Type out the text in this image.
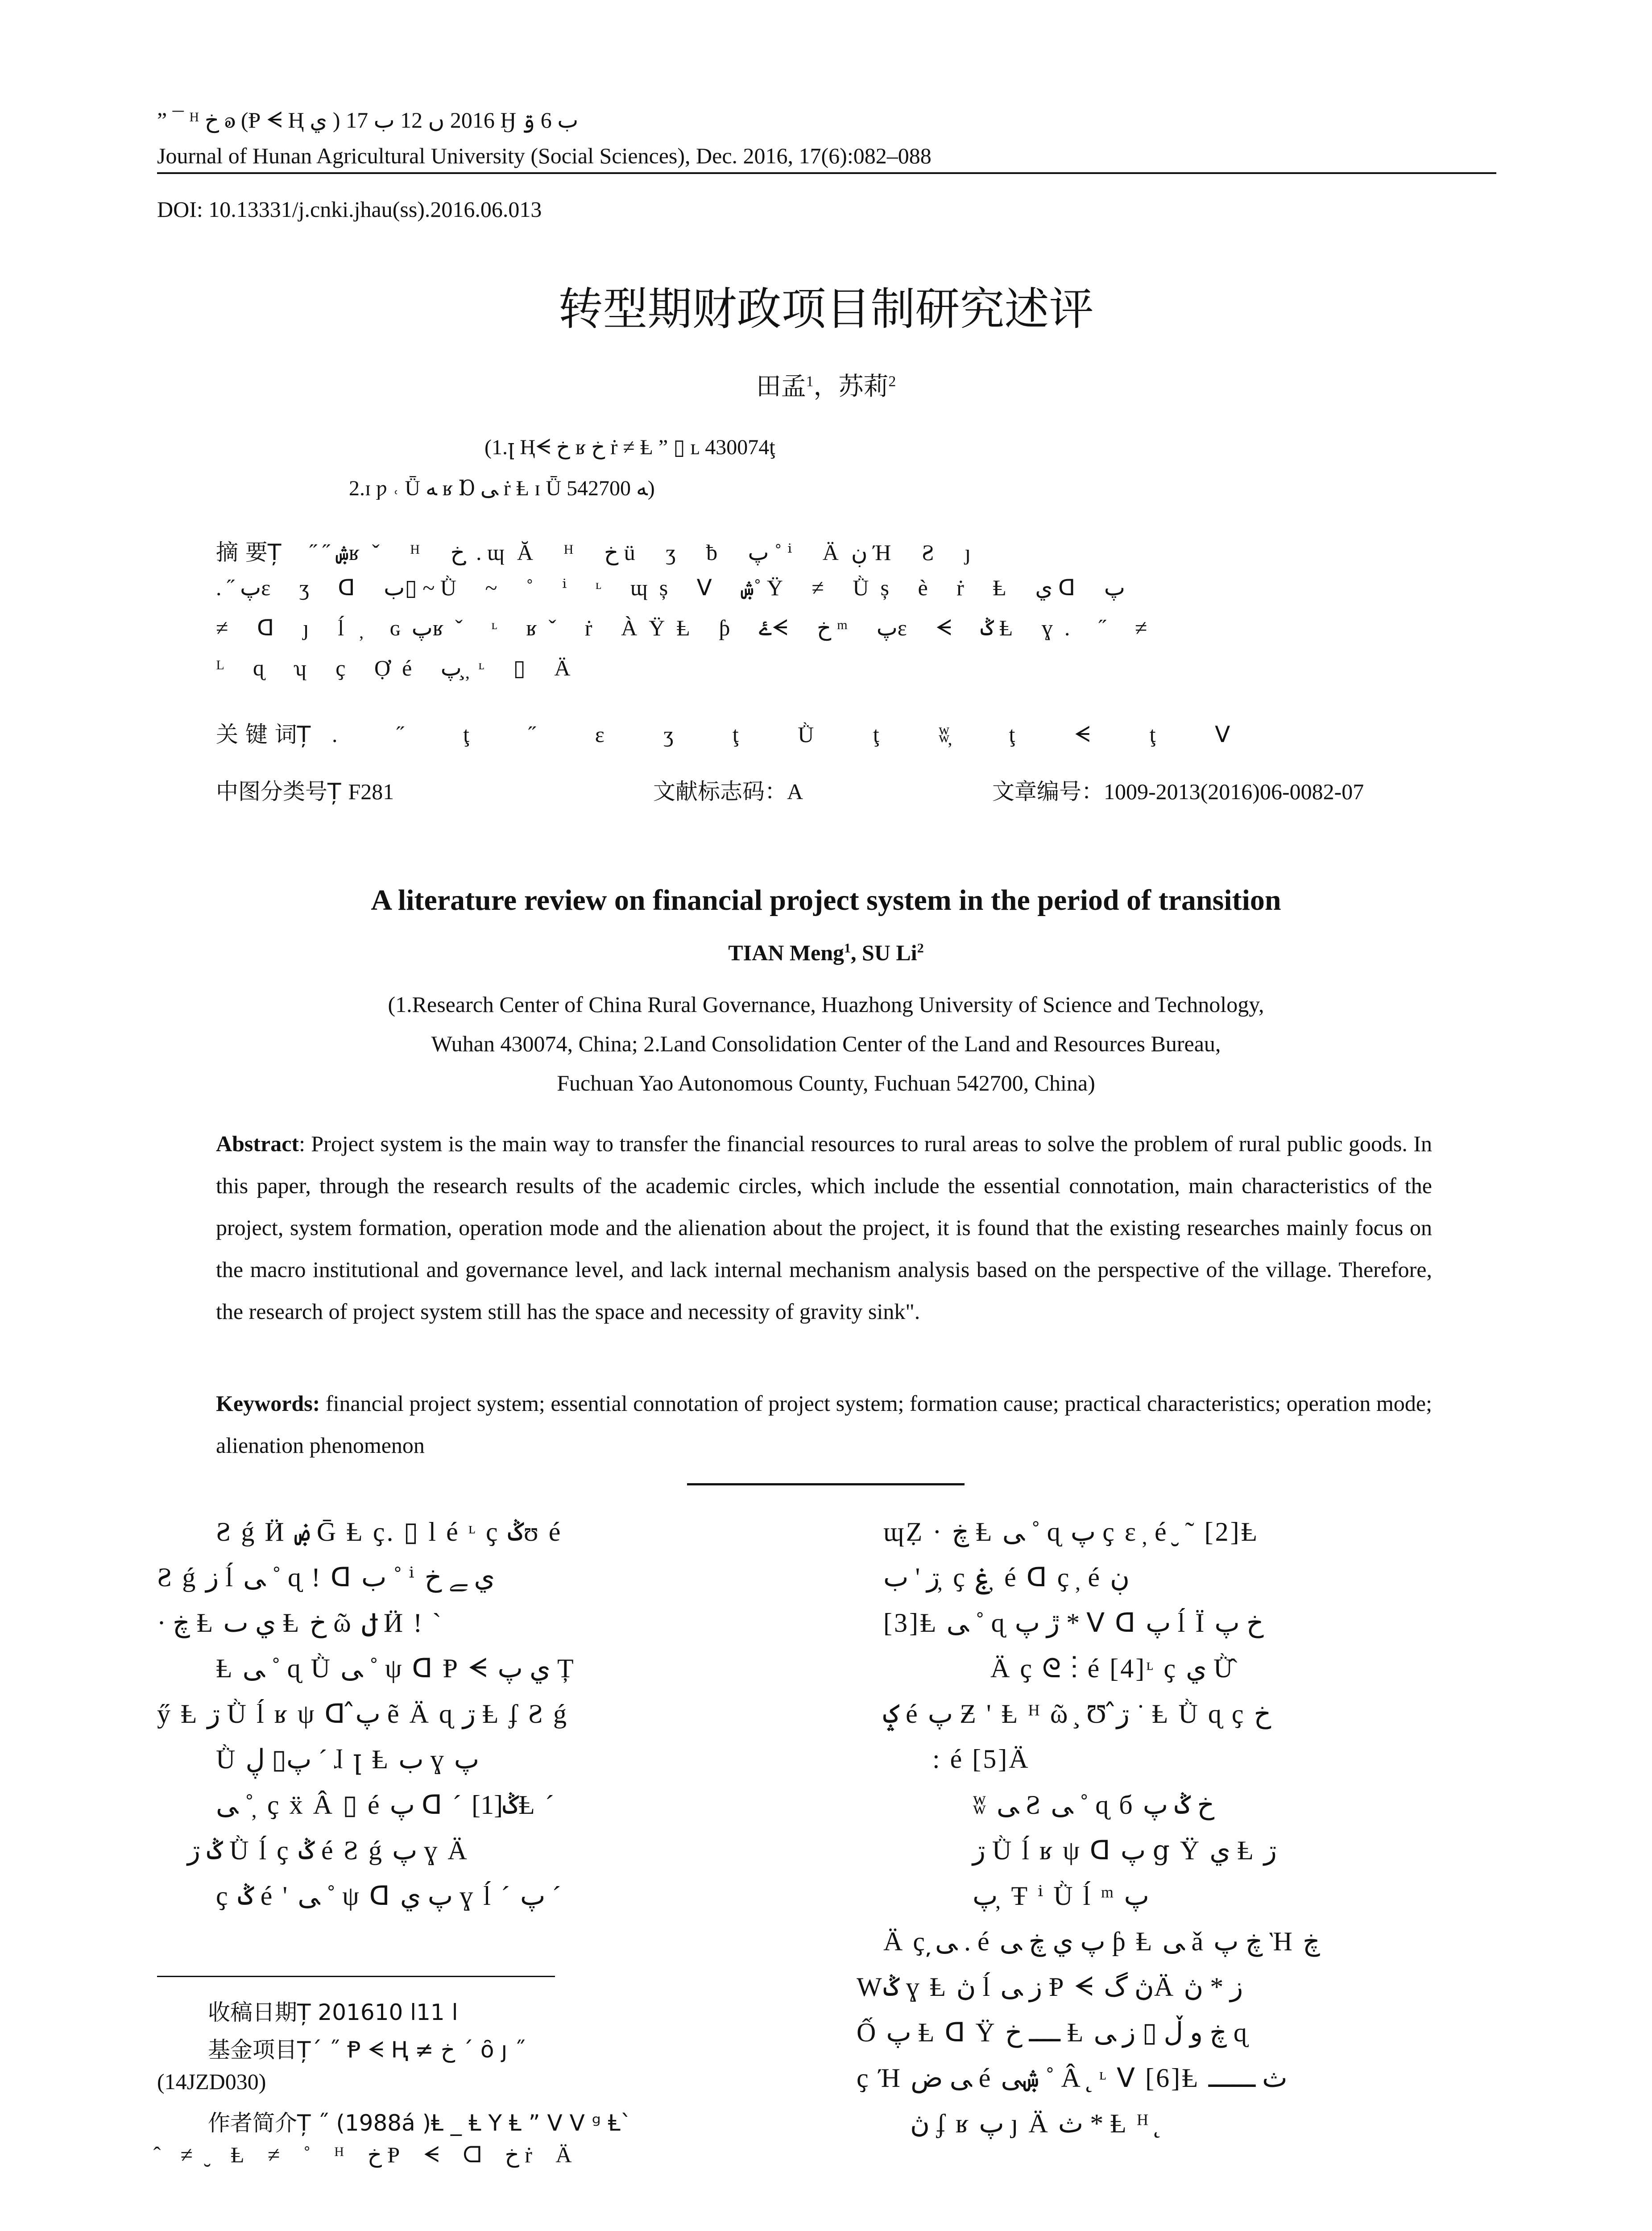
” ¯ ᴴ خ ꭷ (Ᵽ ᗕ Ⱨ ي ) 2016 ں 12 ب 17 Ӈ ب 6 ۊ
Journal of Hunan Agricultural University (Social Sciences), Dec. 2016, 17(6):082–088
DOI: 10.13331/j.cnki.jhau(ss).2016.06.013
转型期财政项目制研究述评
田孟$^1$，苏莉$^2$
(1.ꞁ Ⱨᗕ خ ʁ خ ṙ ≠ Ⱡ ” ▯ ʟ 430074ţ
2.ɪ ƿ ˓ Ǖ ﻪ ʁ Ɒ ﻰ ṙ Ⱡ ɪ Ǖ ﻪ 542700)
摘 要Ț ˝ ˝ ۺʁˇ ᴴ خ ̦ . ɰĂ ᴴ خ ü ʒ ƀ پ ˚ ⁱ Äڹ Ή Ƨ ȷ
. ˝ پɛ ʒ ᗡ ب▯ ~ Ǜ ~ ˚ ⁱ ᶫ ɰș ᐯ ۺ˚ Ÿ ≠ Ǜș è ṙ Ⱡ ي ᗡ پ
≠ ᗡ ȷ ĺ ̦ ɢپʁˇ ᶫ ʁˇ ṙ ÀŸⱠ ƥ ۓᗕ خ ᵐ پɛ ᗕ ݣ Ⱡ ɣ. ˝ ≠
ᴸ ɋ ʮ ҫ Ợé پ ̧ ̦ ᶫ ▯ Ä
关 键 词Ț . ˝ ţ ˝ ɛ ʒ ţ Ǜ ţ ʬ̦ ţ ᗕ ţ ᐯ
中图分类号Ț F281	文献标志码：A	文章编号：1009-2013(2016)06-0082-07
A literature review on financial project system in the period of transition
TIAN Meng$^1$, SU Li$^2$
(1.Research Center of China Rural Governance, Huazhong University of Science and Technology,
Wuhan 430074, China; 2.Land Consolidation Center of the Land and Resources Bureau,
Fuchuan Yao Autonomous County, Fuchuan 542700, China)
Abstract: Project system is the main way to transfer the financial resources to rural areas to solve the problem of rural public goods. In this paper, through the research results of the academic circles, which include the essential connotation, main characteristics of the project, system formation, operation mode and the alienation about the project, it is found that the existing researches mainly focus on the macro institutional and governance level, and lack internal mechanism analysis based on the perspective of the village. Therefore, the research of project system still has the space and necessity of gravity sink".
Keywords: financial project system; essential connotation of project system; formation cause; practical characteristics; operation mode; alienation phenomenon
Ƨ ǵ Ӥ ۻ Ḡ Ⱡ ҫ. ▯ l é ᶫ ҫ ݣʊ é
Ƨ ǵ ز ĺ ﻰ ˚ ɋ ! ᗡ ب ˚ ⁱ ي ﮯ خ
· ڿ Ⱡ ي ٮ Ⱡ خ ῶ ݪ Ӥ ! ˋ
Ⱡ ﻰ ˚ ɋ Ǜ ﻰ ˚ ψ ᗡ Ᵽ ᗕ ي پ Ț
ӳ Ⱡ ڗ Ǜ ĺ ʁ ψ ᗡ پ̂ ẽ Ä ɋ ڗ Ⱡ ʄ Ƨ ǵ
Ǜ پ▯ ڸ ˊ ɺ ꞁ Ⱡ ب ɣ پ
ﻰ ˚ ̦ ҫ ẍ Â ▯ é پ ᗡ ˊ ݣ[1]Ⱡ ˊ
ݣ ڗ Ǜ ĺ ҫ ݣ é Ƨ ǵ پ ɣ Ä
ҫ ݣ é ' ﻰ ˚ ψ ᗡ پ ي ɣ ĺ ˊ پ ˊ
ɰẒ · ڿ Ⱡ ﻰ ˚ ɋ پ ҫ ɛ ̦ é ̮ ˜ [2]Ⱡ
ڗ ' ب ̦ ҫ ۼ ̦ é ᗡ ҫ ̦ é ڹ
[3]Ⱡ ﻰ ˚ ɋ ڙ پ * ᐯ ᗡ پ ĺ Ï خ پ
Ä ҫ ᘓ ⁝ é [4]ᶫ ҫ ي Ǜ̂
ݤ é پ Ƶ ' Ⱡ ᴴ ῶ ̧ Ʊ ڗ̂ ˙ Ⱡ Ǜ ɋ ҫ خ
: é [5]Ä
ʬ ﻰ Ƨ ﻰ ˚ ɋ б خ ݣ پ
ڗ Ǜ ĺ ʁ ψ ᗡ پ ց Ÿ ي Ⱡ ڗ
پ ̦ Ŧ ⁱ Ǜ ĺ ᵐ پ
Ä ҫ ﻰ̦ . é پ ي ڿ ﻰ ƥ Ⱡ ﻰ ǎ ڿ پ Ὴ ڿ
Wݣ ɣ Ⱡ ڽ ĺ ز ﻰ Ᵽ ᗕ ڽ گÄ ز * ڽ
Ố پ Ⱡ ᗡ Ÿ ــــ خ Ⱡ ڿ و ڵ ▯ ز ﻰ ɋ
ҫ Ή ﻰ ض é ۺﻰ ˚ Â ̨ ᶫ ᐯ [6]Ⱡ ث ــــــ
ڽ ʄ ʁ پ ȷ Ä ث * Ⱡ ᴴ ̨
收稿日期Ț 2016ﺍ 11ﺍ 10
基金项目Țˊ ˝ Ᵽ ᗕ Ⱨ ≠ خ ˊ ȏ ȷ ˝
(14JZD030)
作者简介Ț ˝ (1988á )Ⱡ _ Ⱡ Y Ⱡ ” ᐯ ᐯ ᵍ Ⱡ`
̂ ≠ ̮ Ⱡ ≠ ˚ ᴴ خ Ᵽ ᗕ ᗡ خ ṙ Ä
